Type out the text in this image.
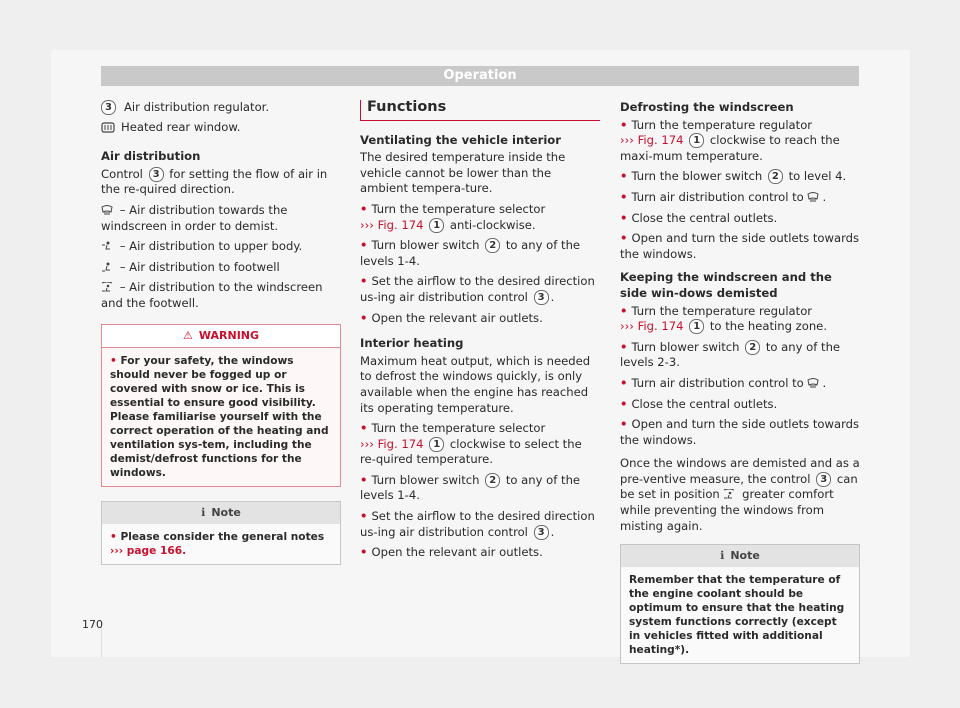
Operation
3	Air distribution regulator.
Heated rear window.

Air distribution

Control 3 for setting the flow of air in the re-quired direction.

– Air distribution towards the windscreen in order to demist.

– Air distribution to upper body.

– Air distribution to footwell

– Air distribution to the windscreen and the footwell.

⚠ WARNING
• For your safety, the windows should never be fogged up or covered with snow or ice. This is essential to ensure good visibility. Please familiarise yourself with the correct operation of the heating and ventilation sys-tem, including the demist/defrost functions for the windows.
ℹ Note
• Please consider the general notes
››› page 166.
Functions

Ventilating the vehicle interior

The desired temperature inside the vehicle cannot be lower than the ambient tempera-ture.

• Turn the temperature selector
››› Fig. 174 1 anti-clockwise.

• Turn blower switch 2 to any of the levels 1-4.

• Set the airflow to the desired direction us-ing air distribution control 3 .

• Open the relevant air outlets.

Interior heating

Maximum heat output, which is needed to defrost the windows quickly, is only available when the engine has reached its operating temperature.

• Turn the temperature selector
››› Fig. 174 1 clockwise to select the re-quired temperature.

• Turn blower switch 2 to any of the levels 1-4.

• Set the airflow to the desired direction us-ing air distribution control 3 .

• Open the relevant air outlets.

Defrosting the windscreen

• Turn the temperature regulator
››› Fig. 174 1 clockwise to reach the maxi-mum temperature.

• Turn the blower switch 2 to level 4.

• Turn air distribution control to .

• Close the central outlets.

• Open and turn the side outlets towards the windows.

Keeping the windscreen and the side win-dows demisted

• Turn the temperature regulator
››› Fig. 174 1 to the heating zone.

• Turn blower switch 2 to any of the levels 2-3.

• Turn air distribution control to .

• Close the central outlets.

• Open and turn the side outlets towards the windows.

Once the windows are demisted and as a pre-ventive measure, the control 3 can be set in position greater comfort while preventing the windows from misting again.

ℹ Note
Remember that the temperature of the engine coolant should be optimum to ensure that the heating system functions correctly (except in vehicles fitted with additional heating*).
170
